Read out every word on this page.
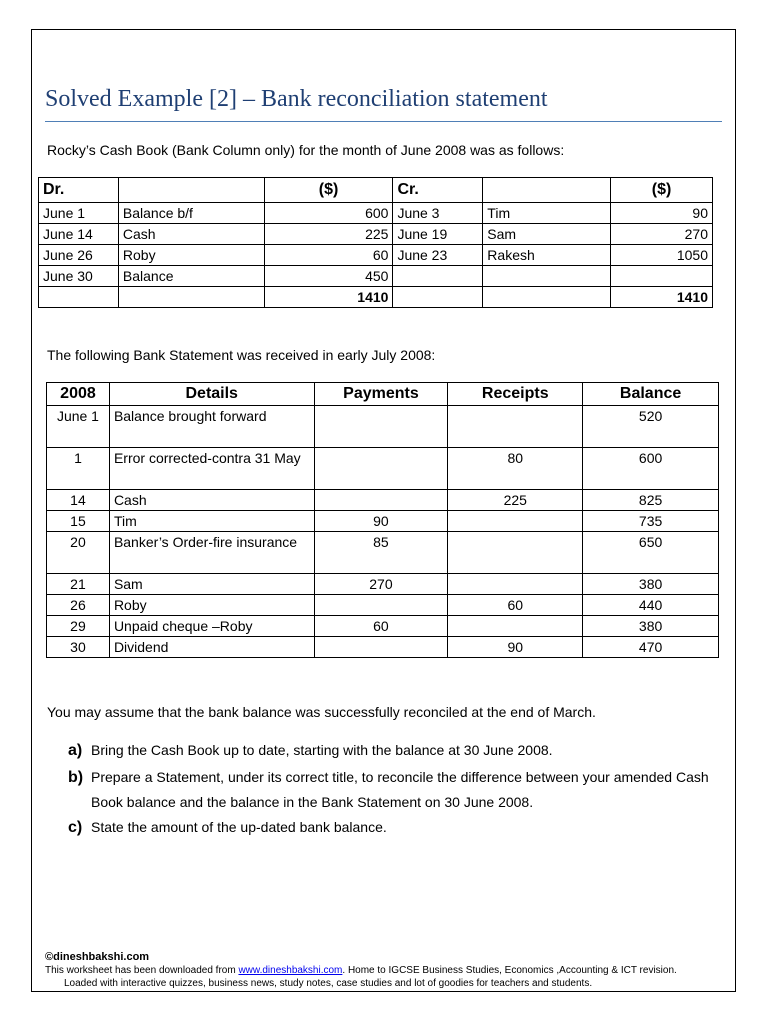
Solved Example [2] – Bank reconciliation statement
Rocky’s Cash Book (Bank Column only) for the month of June 2008 was as follows:
Dr.		($)	Cr.		($)
June 1	Balance b/f	600	June 3	Tim	90
June 14	Cash	225	June 19	Sam	270
June 26	Roby	60	June 23	Rakesh	1050
June 30	Balance	450			
		1410			1410
The following Bank Statement was received in early July 2008:
2008	Details	Payments	Receipts	Balance
June 1	Balance brought forward			520
1	Error corrected-contra 31 May		80	600
14	Cash		225	825
15	Tim	90		735
20	Banker’s Order-fire insurance	85		650
21	Sam	270		380
26	Roby		60	440
29	Unpaid cheque –Roby	60		380
30	Dividend		90	470
You may assume that the bank balance was successfully reconciled at the end of March.
a) Bring the Cash Book up to date, starting with the balance at 30 June 2008.
b) Prepare a Statement, under its correct title, to reconcile the difference between your amended Cash Book balance and the balance in the Bank Statement on 30 June 2008.
c) State the amount of the up-dated bank balance.
©dineshbakshi.com
This worksheet has been downloaded from www.dineshbakshi.com. Home to IGCSE Business Studies, Economics ,Accounting & ICT revision.
Loaded with interactive quizzes, business news, study notes, case studies and lot of goodies for teachers and students.
